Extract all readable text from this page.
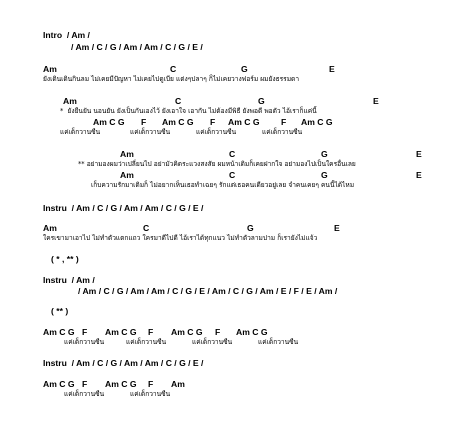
Intro  / Am /
/ Am / C / G / Am / Am / C / G / E /
Am	C	G	E
ยังเดินเดินกินลม ไม่เคยมีปัญหา ไม่เคยไปดูเบีย แต่งๆปลาๆ ก็ไม่เคยวางฟอร์ม ผมยังธรรมดา
Am	C	G	E
*  ยังยืนยัน นอนยัน ยังเป็นกันเองไว้ ยังเอาใจ เอากัน ไม่ต้องมีพิธี ยังพอดี พอตัว ไอ้เราก็แค่นี้
Am C G F Am C G F Am C G F Am C G
แค่เด็กวานซืน	แค่เด็กวานซืน	แค่เด็กวานซืน	แค่เด็กวานซืน
Am	C	G	E
** อย่ามองผมว่าเปลี่ยนไป อย่ามัวคิดระแวงสงสัย ผมหน้าเดิมก็เคยฝากใจ อย่ามองไปเป็นใครอื่นเลย
Am	C	G	E
เก็บความรักมาเติมก็ ไม่อยากเห็นเธอทำเฉยๆ รักแต่เธอคนเดียวอยู่เลย จำคนเคยๆ คนนี้ได้ไหม
Instru  / Am / C / G / Am / Am / C / G / E /
Am	C	G	E
ใครเขามาเอาไป ไม่ทำตัวแตกแถว ใครมาดีไปดี ไอ้เราได้ทุกแนว ไม่ทำตัวลามปาม ก็เรายังไม่แจ้ว
( * , ** )
Instru  / Am /
/ Am / C / G / Am / Am / C / G / E / Am / C / G / Am / E / F / E / Am /
( ** )
Am C G F Am C G F Am C G F Am C G
แค่เด็กวานซืน	แค่เด็กวานซืน	แค่เด็กวานซืน	แค่เด็กวานซืน
Instru  / Am / C / G / Am / Am / C / G / E /
Am C G F Am C G F Am
แค่เด็กวานซืน	แค่เด็กวานซืน
